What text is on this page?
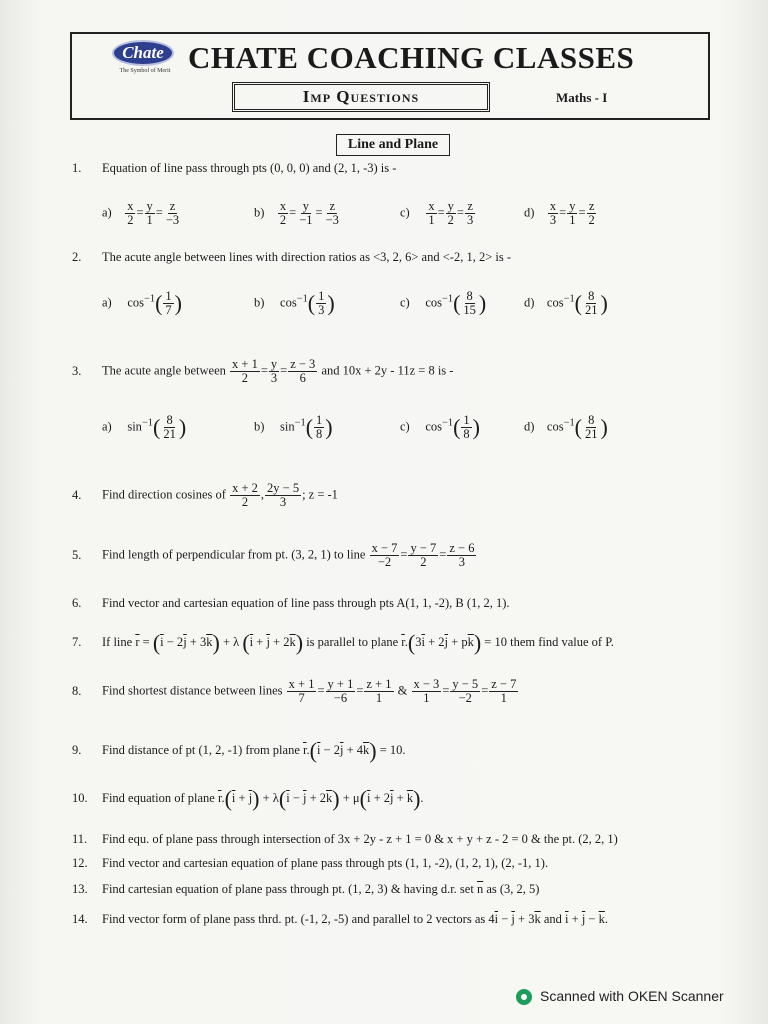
Chate
The Symbol of Merit CHATE COACHING CLASSES
Imp Questions	Maths - I
Line and Plane
1. Equation of line pass through pts (0, 0, 0) and (2, 1, -3) is -
$a) \frac{x}{2} = \frac{y}{1} = \frac{z}{-3}$	$b) \frac{x}{2} = \frac{y}{-1} = \frac{z}{-3}$	$c) \frac{x}{1} = \frac{y}{2} = \frac{z}{3}$	$d) \frac{x}{3} = \frac{y}{1} = \frac{z}{2}$
2. The acute angle between lines with direction ratios as <3, 2, 6> and <-2, 1, 2> is -
a)     $\cos^{-1}( \frac{1}{7}$ )	b)     $\cos^{-1}( \frac{1}{3}$ )	c)     $\cos^{-1}( \frac{8}{15}$ )	d)    $\cos^{-1}( \frac{8}{21}$ )
3. The acute angle between $\frac{x + 1}{2} = \frac{y}{3} = \frac{z - 3}{6}$ and 10x + 2y - 11z = 8 is -
a)     $\sin^{-1}( \frac{8}{21}$ )	b)     $\sin^{-1}( \frac{1}{8}$ )	c)     $\cos^{-1}( \frac{1}{8}$ )	d)    $\cos^{-1}( \frac{8}{21}$ )
4. Find direction cosines of $\frac{x + 2}{2}$ , $\frac{2y - 5}{3}$ ; z = -1
5. Find length of perpendicular from pt. (3, 2, 1) to line $\frac{x - 7}{-2} = \frac{y - 7}{2} = \frac{z - 6}{3}$
6. Find vector and cartesian equation of line pass through pts A(1, 1, -2), B (1, 2, 1).
7. If line $\overline{r} = (\overline{i} - 2\overline{j} + 3\overline{k}) + \lambda$ $(\overline{i} + \overline{j} + 2\overline{k})$ is parallel to plane $\overline{r}.(3\overline{i} + 2\overline{j} + p\overline{k}) = 10$ them find value of P.
8. Find shortest distance between lines $\frac{x + 1}{7} = \frac{y + 1}{-6} = \frac{z + 1}{1}$ & $\frac{x - 3}{1} = \frac{y - 5}{-2} = \frac{z - 7}{1}$
9. Find distance of pt (1, 2, -1) from plane $\overline{r}.(\overline{i} - 2\overline{j} + 4\overline{k}) = 10$.
10. Find equation of plane $\overline{r}.(\overline{i} + \overline{j}) + \lambda(\overline{i} - \overline{j} + 2\overline{k}) + \mu(\overline{i} + 2\overline{j} + \overline{k})$.
11. Find equ. of plane pass through intersection of 3x + 2y - z + 1 = 0 & x + y + z - 2 = 0 & the pt. (2, 2, 1)
12. Find vector and cartesian equation of plane pass through pts (1, 1, -2), (1, 2, 1), (2, -1, 1).
13. Find cartesian equation of plane pass through pt. (1, 2, 3) & having d.r. set $\overline{n}$ as (3, 2, 5)
14. Find vector form of plane pass thrd. pt. (-1, 2, -5) and parallel to 2 vectors as $4\overline{i} - \overline{j} + 3\overline{k}$ and $\overline{i} + \overline{j} - \overline{k}$.
Scanned with OKEN Scanner
